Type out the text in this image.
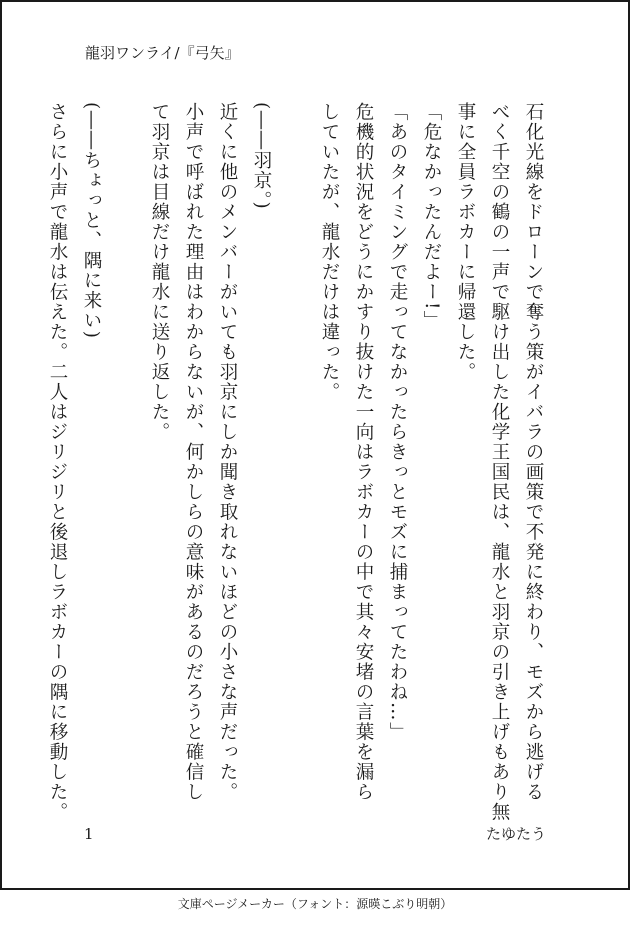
龍羽ワンライ/『弓矢』

石化光線をドローンで奪う策がイバラの画策で不発に終わり、モズから逃げる

べく千空の鶴の一声で駆け出した化学王国民は、龍水と羽京の引き上げもあり無

事に全員ラボカーに帰還した。

「危なかったんだよー!」

「あのタイミングで走ってなかったらきっとモズに捕まってたわね…」

危機的状況をどうにかすり抜けた一向はラボカーの中で其々安堵の言葉を漏ら

していたが、龍水だけは違った。

(――羽京。)

近くに他のメンバーがいても羽京にしか聞き取れないほどの小さな声だった。

小声で呼ばれた理由はわからないが、何かしらの意味があるのだろうと確信し

て羽京は目線だけ龍水に送り返した。

(――ちょっと、隅に来い)

さらに小声で龍水は伝えた。二人はジリジリと後退しラボカーの隅に移動した。

1	たゆたう
文庫ページメーカー（フォント：源暎こぶり明朝）
